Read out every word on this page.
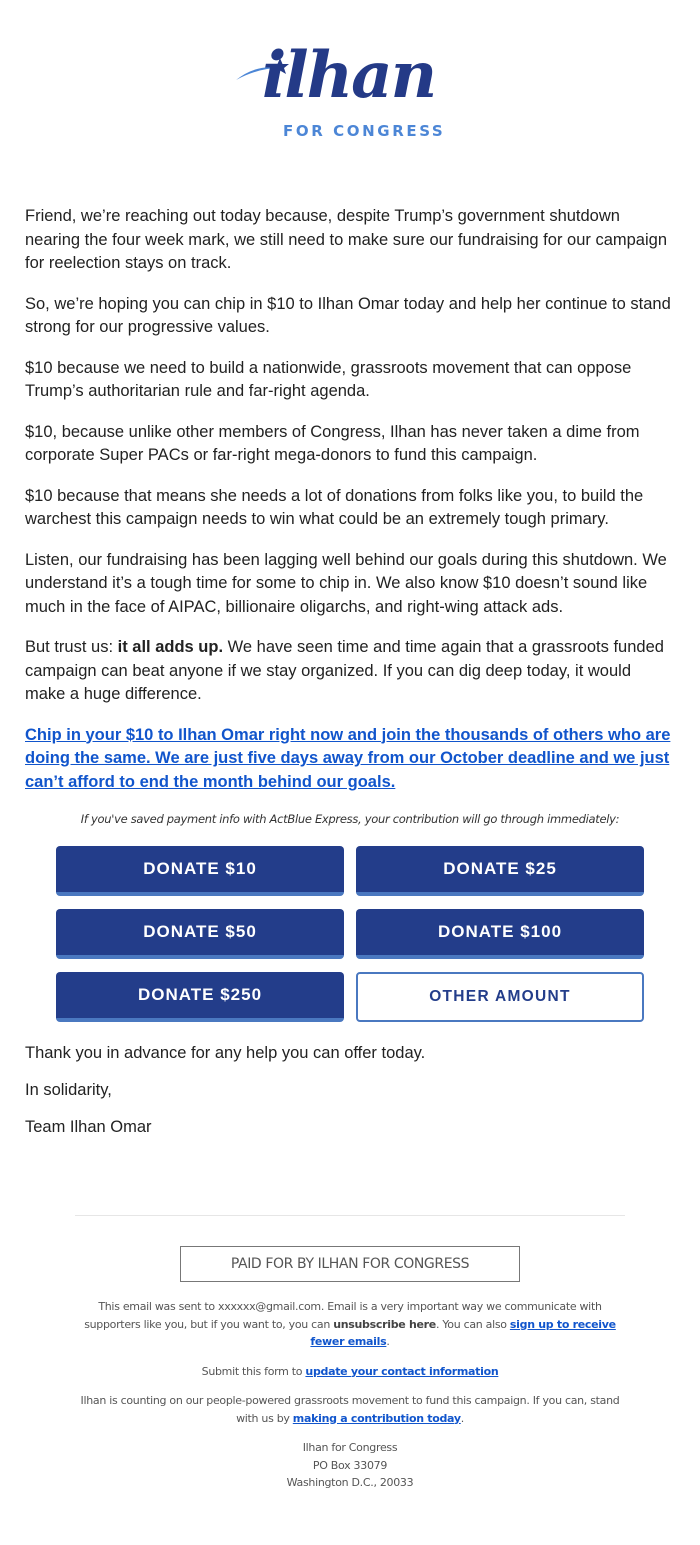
ilhan
FOR CONGRESS

Friend, we’re reaching out today because, despite Trump’s government shutdown nearing the four week mark, we still need to make sure our fundraising for our campaign for reelection stays on track.

So, we’re hoping you can chip in $10 to Ilhan Omar today and help her continue to stand strong for our progressive values.

$10 because we need to build a nationwide, grassroots movement that can oppose Trump’s authoritarian rule and far-right agenda.

$10, because unlike other members of Congress, Ilhan has never taken a dime from corporate Super PACs or far-right mega-donors to fund this campaign.

$10 because that means she needs a lot of donations from folks like you, to build the warchest this campaign needs to win what could be an extremely tough primary.

Listen, our fundraising has been lagging well behind our goals during this shutdown. We understand it’s a tough time for some to chip in. We also know $10 doesn’t sound like much in the face of AIPAC, billionaire oligarchs, and right-wing attack ads.

But trust us: it all adds up. We have seen time and time again that a grassroots funded campaign can beat anyone if we stay organized. If you can dig deep today, it would make a huge difference.

Chip in your $10 to Ilhan Omar right now and join the thousands of others who are doing the same. We are just five days away from our October deadline and we just can’t afford to end the month behind our goals.

If you've saved payment info with ActBlue Express, your contribution will go through immediately:
DONATE $10	DONATE $25
DONATE $50	DONATE $100
DONATE $250	OTHER AMOUNT

Thank you in advance for any help you can offer today.

In solidarity,

Team Ilhan Omar

PAID FOR BY ILHAN FOR CONGRESS

This email was sent to xxxxxx@gmail.com. Email is a very important way we communicate with supporters like you, but if you want to, you can unsubscribe here. You can also sign up to receive fewer emails.

Submit this form to update your contact information

Ilhan is counting on our people-powered grassroots movement to fund this campaign. If you can, stand with us by making a contribution today.

Ilhan for Congress
PO Box 33079
Washington D.C., 20033
